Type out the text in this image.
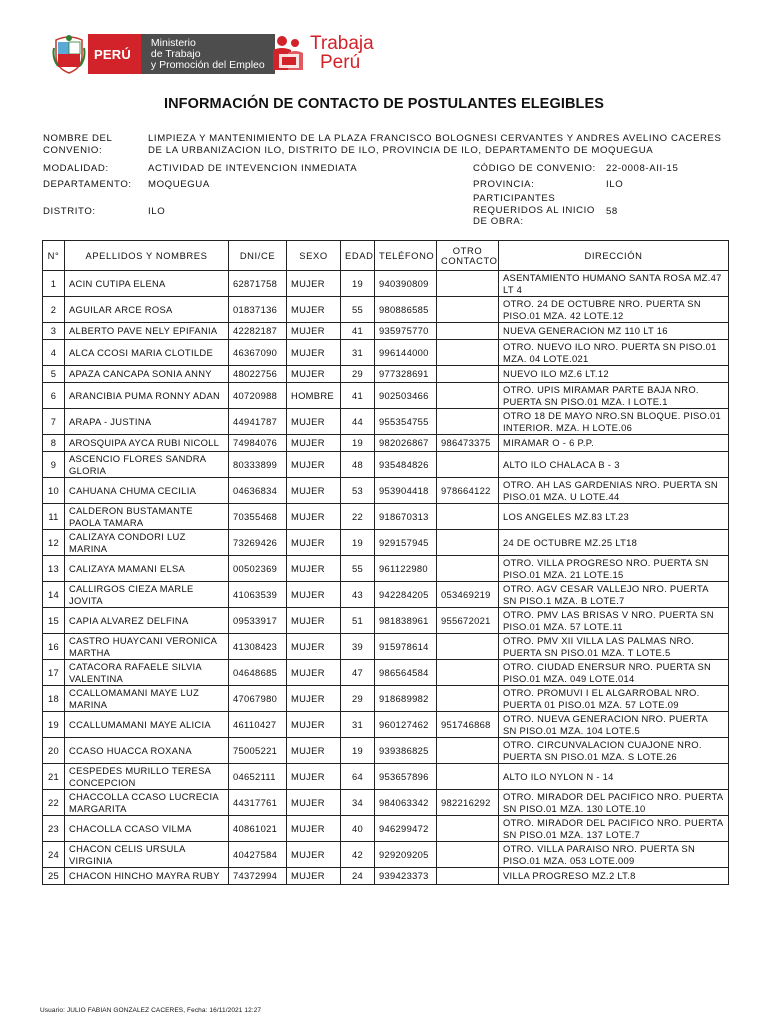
PERÚ
Ministerio
de Trabajo
y Promoción del Empleo
Trabaja
Perú
INFORMACIÓN DE CONTACTO DE POSTULANTES ELEGIBLES
NOMBRE DEL CONVENIO:
LIMPIEZA Y MANTENIMIENTO DE LA PLAZA FRANCISCO BOLOGNESI CERVANTES Y ANDRES AVELINO CACERES DE LA URBANIZACION ILO, DISTRITO DE ILO, PROVINCIA DE ILO, DEPARTAMENTO DE MOQUEGUA
MODALIDAD:	ACTIVIDAD DE INTEVENCION INMEDIATA	CÓDIGO DE CONVENIO: 22-0008-AII-15
DEPARTAMENTO: MOQUEGUA	PROVINCIA:	ILO
DISTRITO:	ILO
PARTICIPANTES REQUERIDOS AL INICIO DE OBRA:
58
N°	APELLIDOS Y NOMBRES	DNI/CE	SEXO	EDAD	TELÉFONO	OTRO CONTACTO	DIRECCIÓN
1	ACIN CUTIPA ELENA	62871758	MUJER	19	940390809		ASENTAMIENTO HUMANO SANTA ROSA MZ.47 LT 4
2	AGUILAR ARCE ROSA	01837136	MUJER	55	980886585		OTRO. 24 DE OCTUBRE NRO. PUERTA SN PISO.01 MZA. 42 LOTE.12
3	ALBERTO PAVE NELY EPIFANIA	42282187	MUJER	41	935975770		NUEVA GENERACION MZ 110 LT 16
4	ALCA CCOSI MARIA CLOTILDE	46367090	MUJER	31	996144000		OTRO. NUEVO ILO NRO. PUERTA SN PISO.01 MZA. 04 LOTE.021
5	APAZA CANCAPA SONIA ANNY	48022756	MUJER	29	977328691		NUEVO ILO MZ.6 LT.12
6	ARANCIBIA PUMA RONNY ADAN	40720988	HOMBRE	41	902503466		OTRO. UPIS MIRAMAR PARTE BAJA NRO. PUERTA SN PISO.01 MZA. I LOTE.1
7	ARAPA - JUSTINA	44941787	MUJER	44	955354755		OTRO 18 DE MAYO NRO.SN BLOQUE. PISO.01 INTERIOR. MZA. H LOTE.06
8	AROSQUIPA AYCA RUBI NICOLL	74984076	MUJER	19	982026867	986473375	MIRAMAR O - 6 P.P.
9	ASCENCIO FLORES SANDRA GLORIA	80333899	MUJER	48	935484826		ALTO ILO CHALACA B - 3
10	CAHUANA CHUMA CECILIA	04636834	MUJER	53	953904418	978664122	OTRO. AH LAS GARDENIAS NRO. PUERTA SN PISO.01 MZA. U LOTE.44
11	CALDERON BUSTAMANTE PAOLA TAMARA	70355468	MUJER	22	918670313		LOS ANGELES MZ.83 LT.23
12	CALIZAYA CONDORI LUZ MARINA	73269426	MUJER	19	929157945		24 DE OCTUBRE MZ.25 LT18
13	CALIZAYA MAMANI ELSA	00502369	MUJER	55	961122980		OTRO. VILLA PROGRESO NRO. PUERTA SN PISO.01 MZA. 21 LOTE.15
14	CALLIRGOS CIEZA MARLE JOVITA	41063539	MUJER	43	942284205	053469219	OTRO. AGV CESAR VALLEJO NRO. PUERTA SN PISO.1 MZA. B LOTE.7
15	CAPIA ALVAREZ DELFINA	09533917	MUJER	51	981838961	955672021	OTRO. PMV LAS BRISAS V NRO. PUERTA SN PISO.01 MZA. 57 LOTE.11
16	CASTRO HUAYCANI VERONICA MARTHA	41308423	MUJER	39	915978614		OTRO. PMV XII VILLA LAS PALMAS NRO. PUERTA SN PISO.01 MZA. T LOTE.5
17	CATACORA RAFAELE SILVIA VALENTINA	04648685	MUJER	47	986564584		OTRO. CIUDAD ENERSUR NRO. PUERTA SN PISO.01 MZA. 049 LOTE.014
18	CCALLOMAMANI MAYE LUZ MARINA	47067980	MUJER	29	918689982		OTRO. PROMUVI I EL ALGARROBAL NRO. PUERTA 01 PISO.01 MZA. 57 LOTE.09
19	CCALLUMAMANI MAYE ALICIA	46110427	MUJER	31	960127462	951746868	OTRO. NUEVA GENERACION NRO. PUERTA SN PISO.01 MZA. 104 LOTE.5
20	CCASO HUACCA ROXANA	75005221	MUJER	19	939386825		OTRO. CIRCUNVALACION CUAJONE NRO. PUERTA SN PISO.01 MZA. S LOTE.26
21	CESPEDES MURILLO TERESA CONCEPCION	04652111	MUJER	64	953657896		ALTO ILO NYLON N - 14
22	CHACCOLLA CCASO LUCRECIA MARGARITA	44317761	MUJER	34	984063342	982216292	OTRO. MIRADOR DEL PACIFICO NRO. PUERTA SN PISO.01 MZA. 130 LOTE.10
23	CHACOLLA CCASO VILMA	40861021	MUJER	40	946299472		OTRO. MIRADOR DEL PACIFICO NRO. PUERTA SN PISO.01 MZA. 137 LOTE.7
24	CHACON CELIS URSULA VIRGINIA	40427584	MUJER	42	929209205		OTRO. VILLA PARAISO NRO. PUERTA SN PISO.01 MZA. 053 LOTE.009
25	CHACON HINCHO MAYRA RUBY	74372994	MUJER	24	939423373		VILLA PROGRESO MZ.2 LT.8
Usuario: JULIO FABIAN GONZALEZ CACERES, Fecha: 16/11/2021 12:27
